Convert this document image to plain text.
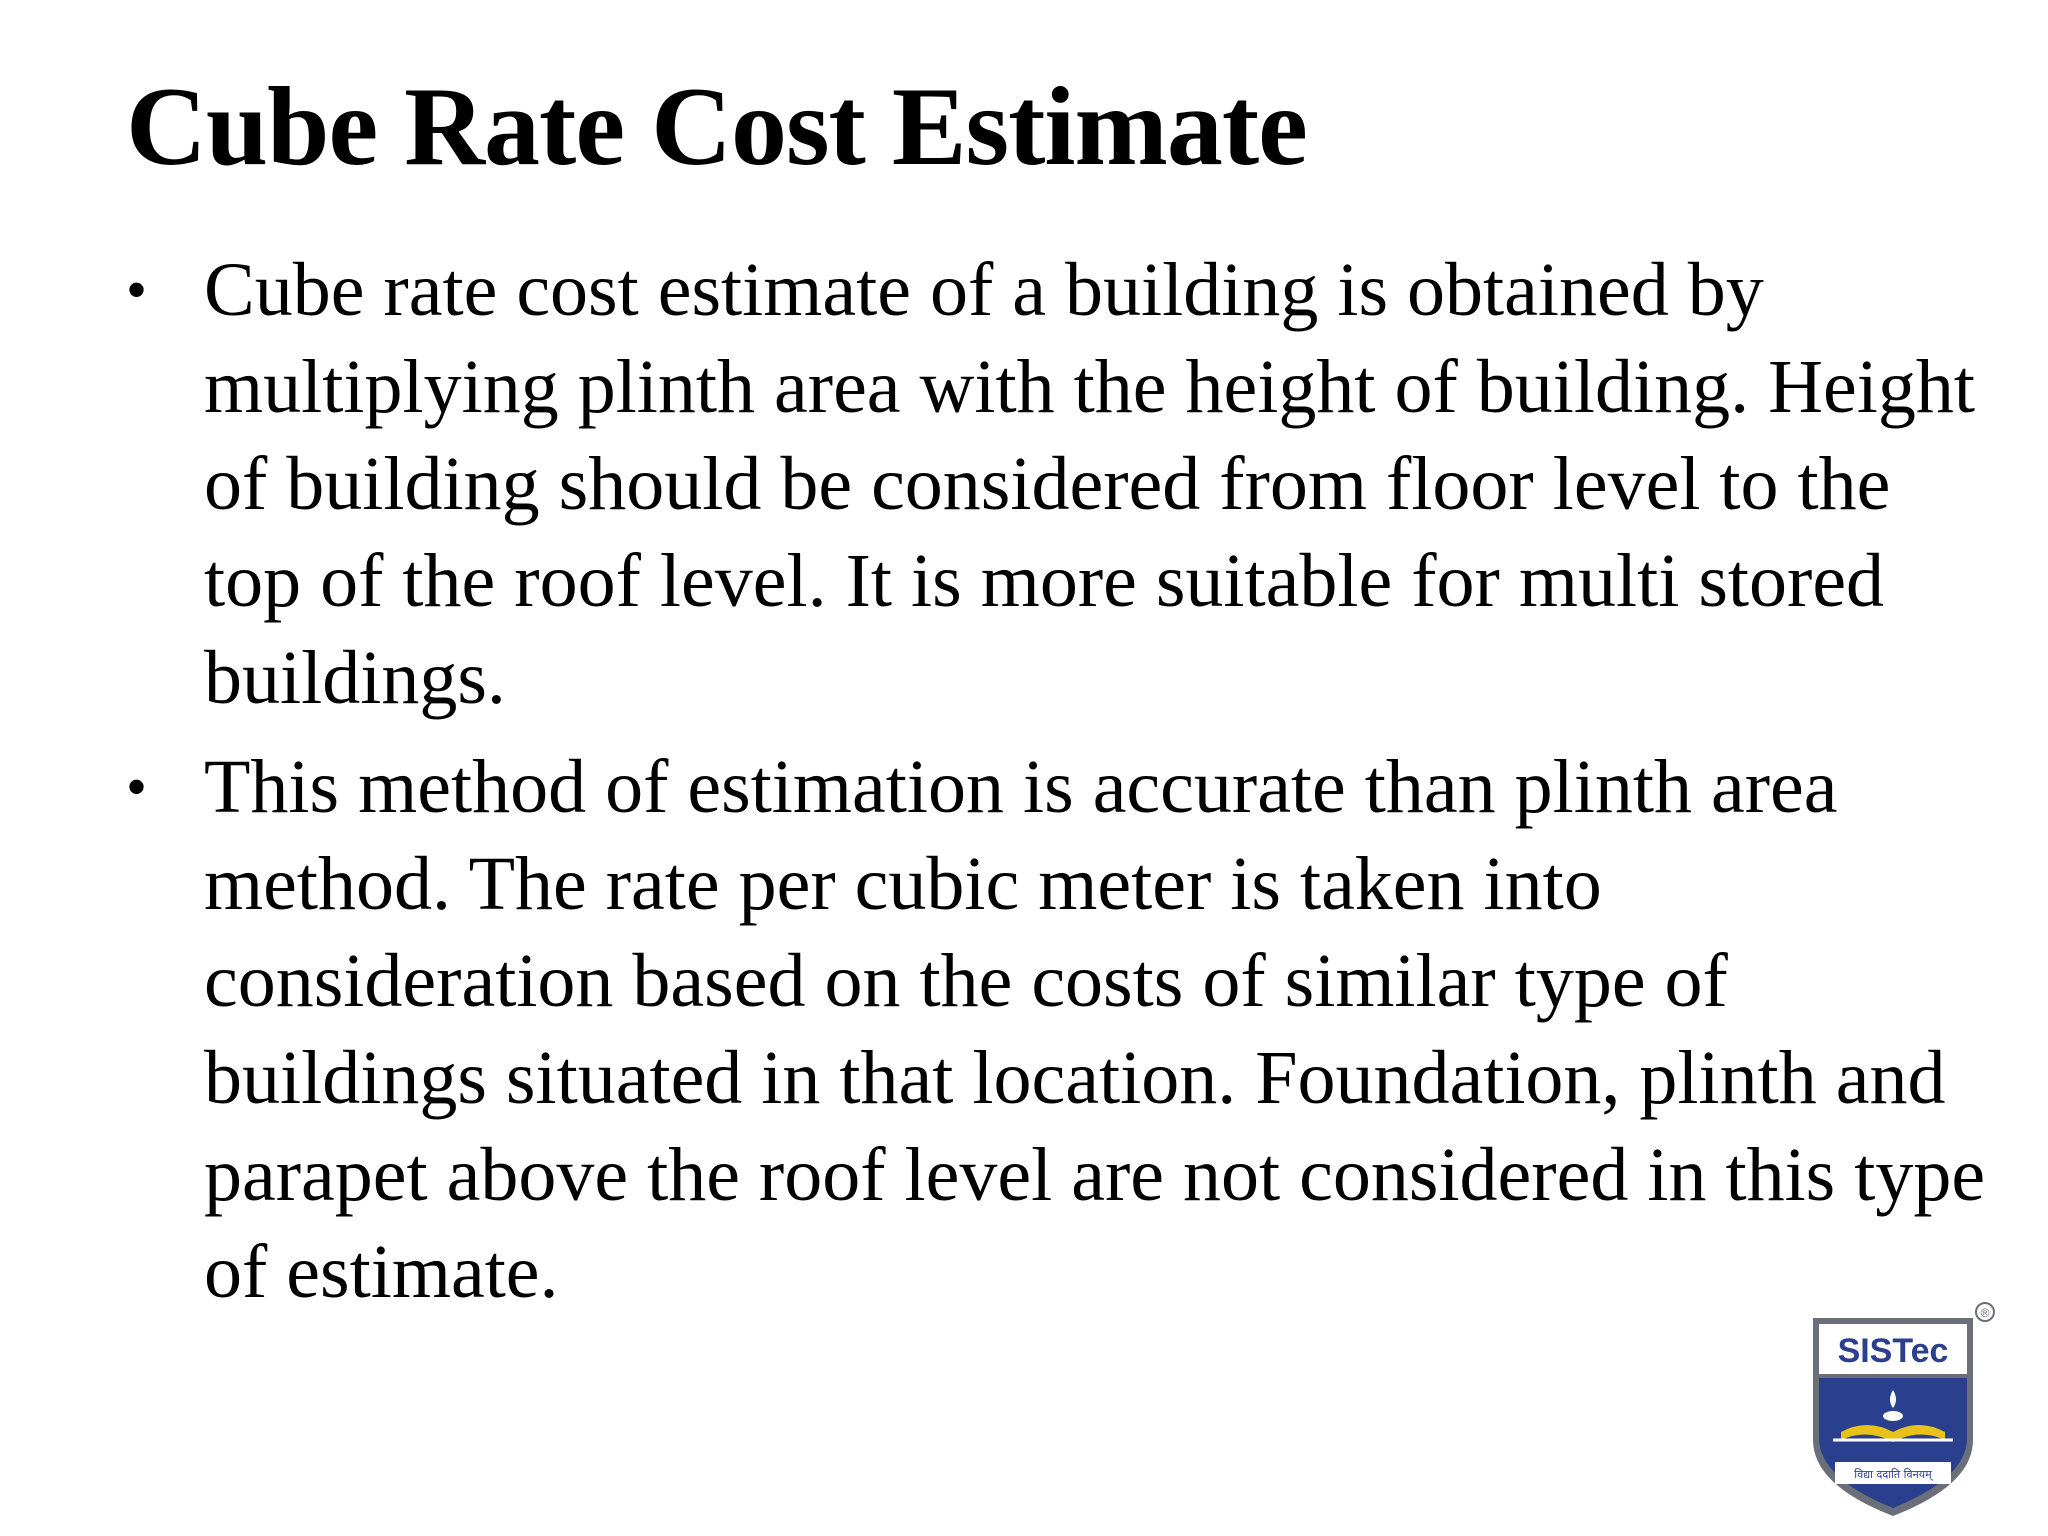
Cube Rate Cost Estimate
• Cube rate cost estimate of a building is obtained by multiplying plinth area with the height of building. Height of building should be considered from floor level to the top of the roof level. It is more suitable for multi stored buildings.
• This method of estimation is accurate than plinth area method. The rate per cubic meter is taken into consideration based on the costs of similar type of buildings situated in that location. Foundation, plinth and parapet above the roof level are not considered in this type of estimate.	®
SISTec
विद्या ददाति विनयम्
